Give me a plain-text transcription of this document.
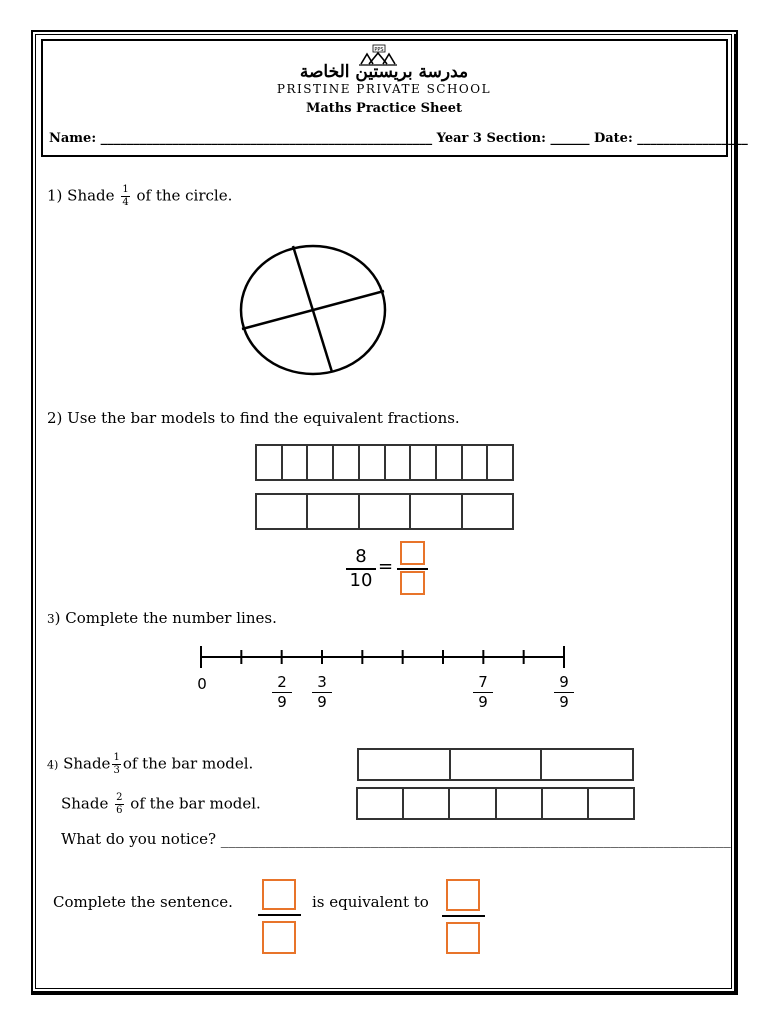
PPS
مدرسة بريستين الخاصة
PRISTINE PRIVATE SCHOOL
Maths Practice Sheet
Name: ___________________________________________________ Year 3 Section: ______ Date: _________________
1) Shade $\frac{1}{4}$ of the circle.
2) Use the bar models to find the equivalent fractions.
8
10
=
3) Complete the number lines.
0	2
9
3
9
7
9
9
9
4) Shade $\frac{1}{3}$ of the bar model.
Shade $\frac{2}{6}$ of the bar model.
What do you notice? ____________________________________________________________________
Complete the sentence.	is equivalent to
